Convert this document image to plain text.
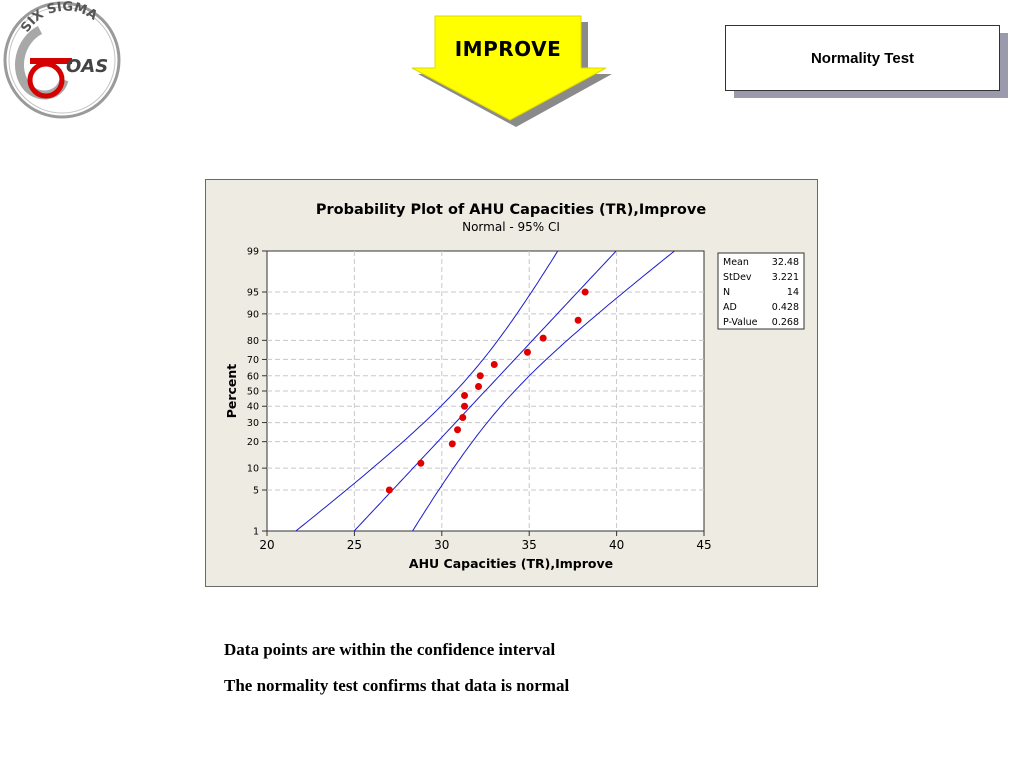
SIX SIGMA
OAS
IMPROVE	Normality Test
Probability Plot of AHU Capacities (TR),Improve
Normal - 95% CI
AHU Capacities (TR),Improve
Percent
20	25	30	35	40	45
1
5
10
20
30
40
50
60
70
80
90
95
99
Mean 32.48
StDev 3.221
N	14
AD	0.428
P-Value 0.268
Data points are within the confidence interval
The normality test confirms that data is normal
